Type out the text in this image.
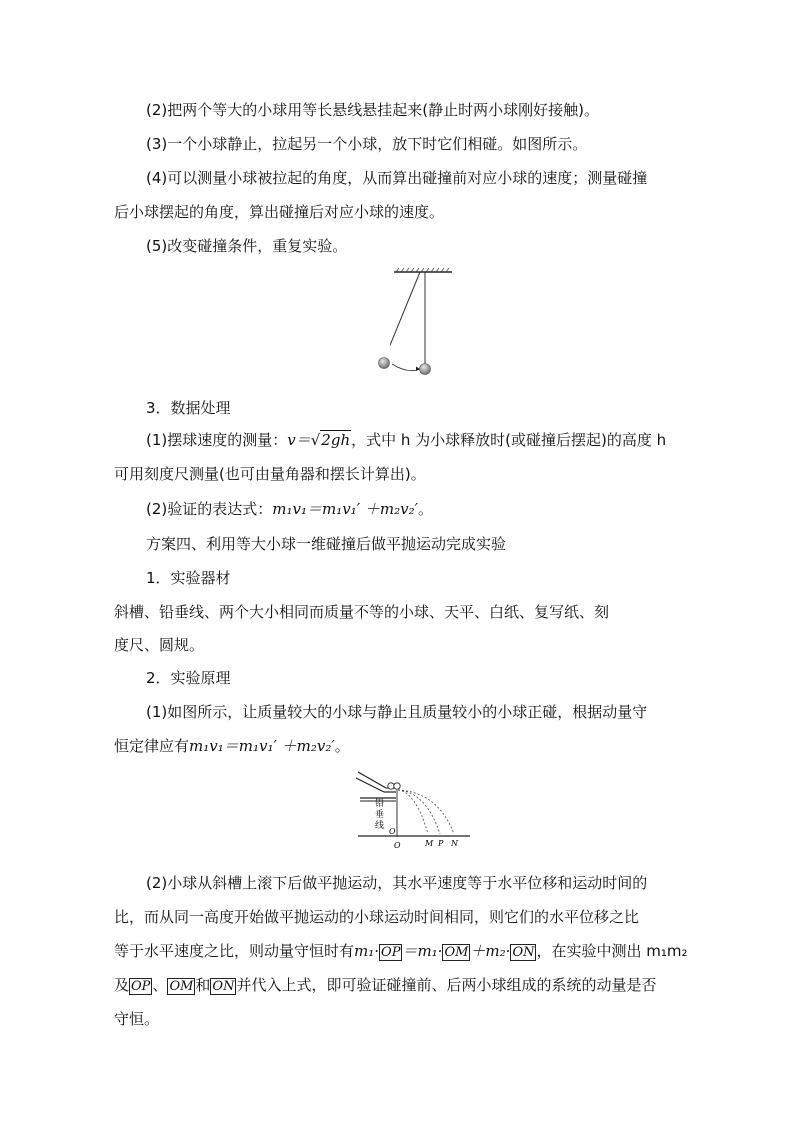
(2)把两个等大的小球用等长悬线悬挂起来(静止时两小球刚好接触)。
(3)一个小球静止，拉起另一个小球，放下时它们相碰。如图所示。
(4)可以测量小球被拉起的角度，从而算出碰撞前对应小球的速度；测量碰撞
后小球摆起的角度，算出碰撞后对应小球的速度。
(5)改变碰撞条件，重复实验。
3．数据处理
(1)摆球速度的测量：v＝√2gh，式中 h 为小球释放时(或碰撞后摆起)的高度 h
可用刻度尺测量(也可由量角器和摆长计算出)。
(2)验证的表达式：m₁v₁＝m₁v₁′ ＋m₂v₂′。
方案四、利用等大小球一维碰撞后做平抛运动完成实验
1．实验器材
斜槽、铅垂线、两个大小相同而质量不等的小球、天平、白纸、复写纸、刻
度尺、圆规。
2．实验原理
(1)如图所示，让质量较大的小球与静止且质量较小的小球正碰，根据动量守
恒定律应有m₁v₁＝m₁v₁′ ＋m₂v₂′。
铅
垂
线
O
O	M P N
(2)小球从斜槽上滚下后做平抛运动，其水平速度等于水平位移和运动时间的
比，而从同一高度开始做平抛运动的小球运动时间相同，则它们的水平位移之比
等于水平速度之比，则动量守恒时有m₁· OP ＝m₁· OM ＋m₂· ON ，在实验中测出 m₁m₂
及 OP 、 OM 和 ON 并代入上式，即可验证碰撞前、后两小球组成的系统的动量是否
守恒。
